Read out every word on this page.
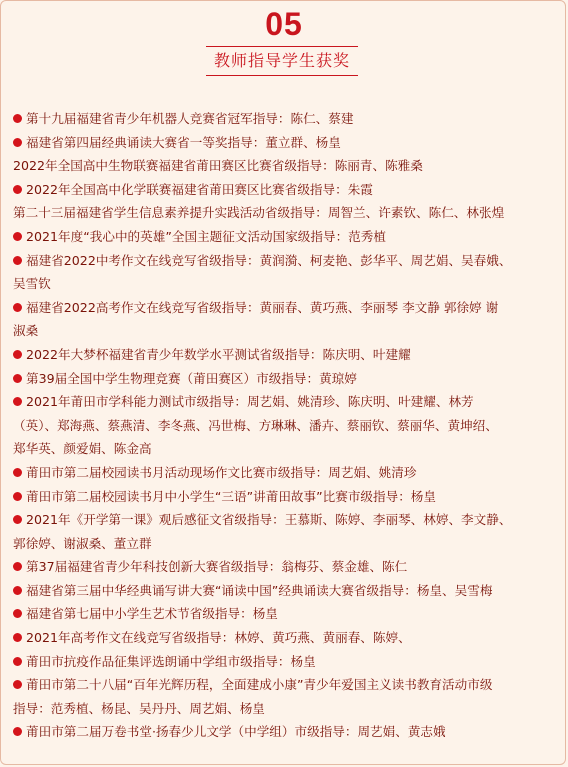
05
教师指导学生获奖
第十九届福建省青少年机器人竞赛省冠军指导：陈仁、蔡建
福建省第四届经典诵读大赛省一等奖指导：董立群、杨皇
2022年全国高中生物联赛福建省莆田赛区比赛省级指导：陈丽青、陈雅桑
2022年全国高中化学联赛福建省莆田赛区比赛省级指导：朱霞
第二十三届福建省学生信息素养提升实践活动省级指导：周智兰、许素钦、陈仁、林张煌
2021年度“我心中的英雄”全国主题征文活动国家级指导：范秀植
福建省2022中考作文在线竞写省级指导：黄润漪、柯麦艳、彭华平、周艺娟、吴春娥、
吴雪钦
福建省2022高考作文在线竞写省级指导：黄丽春、黄巧燕、李丽琴 李文静 郭徐婷 谢
淑桑
2022年大梦杯福建省青少年数学水平测试省级指导：陈庆明、叶建耀
第39届全国中学生物理竞赛（莆田赛区）市级指导：黄琼婷
2021年莆田市学科能力测试市级指导：周艺娟、姚清珍、陈庆明、叶建耀、林芳
（英）、郑海燕、蔡燕清、李冬燕、冯世梅、方琳琳、潘卉、蔡丽钦、蔡丽华、黄坤绍、
郑华英、颜爱娟、陈金高
莆田市第二届校园读书月活动现场作文比赛市级指导：周艺娟、姚清珍
莆田市第二届校园读书月中小学生“三语”讲莆田故事”比赛市级指导：杨皇
2021年《开学第一课》观后感征文省级指导：王慕斯、陈婷、李丽琴、林婷、李文静、
郭徐婷、谢淑桑、董立群
第37届福建省青少年科技创新大赛省级指导：翁梅芬、蔡金雄、陈仁
福建省第三届中华经典诵写讲大赛“诵读中国”经典诵读大赛省级指导：杨皇、吴雪梅
福建省第七届中小学生艺术节省级指导：杨皇
2021年高考作文在线竞写省级指导：林婷、黄巧燕、黄丽春、陈婷、
莆田市抗疫作品征集评选朗诵中学组市级指导：杨皇
莆田市第二十八届“百年光辉历程，全面建成小康”青少年爱国主义读书教育活动市级
指导：范秀植、杨昆、吴丹丹、周艺娟、杨皇
莆田市第二届万卷书堂·扬春少儿文学（中学组）市级指导：周艺娟、黄志娥
